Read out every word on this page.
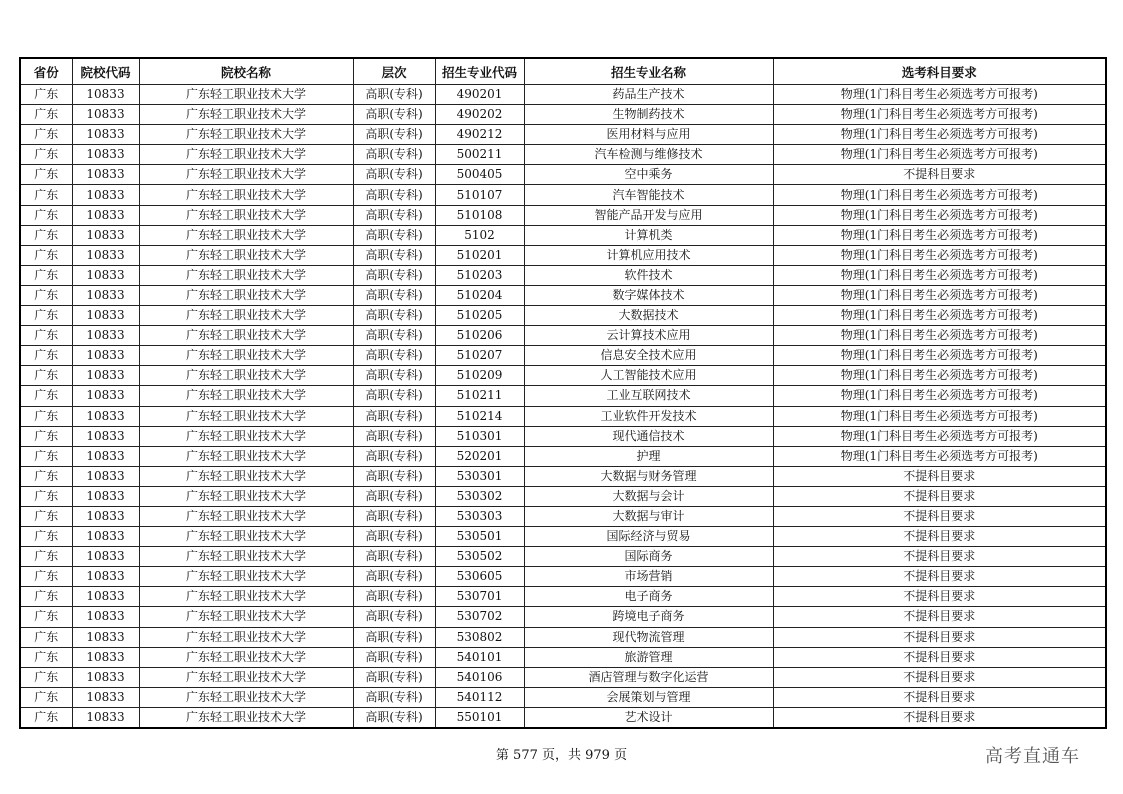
省份	院校代码	院校名称	层次	招生专业代码	招生专业名称	选考科目要求
广东	10833	广东轻工职业技术大学	高职(专科)	490201	药品生产技术	物理(1门科目考生必须选考方可报考)
广东	10833	广东轻工职业技术大学	高职(专科)	490202	生物制药技术	物理(1门科目考生必须选考方可报考)
广东	10833	广东轻工职业技术大学	高职(专科)	490212	医用材料与应用	物理(1门科目考生必须选考方可报考)
广东	10833	广东轻工职业技术大学	高职(专科)	500211	汽车检测与维修技术	物理(1门科目考生必须选考方可报考)
广东	10833	广东轻工职业技术大学	高职(专科)	500405	空中乘务	不提科目要求
广东	10833	广东轻工职业技术大学	高职(专科)	510107	汽车智能技术	物理(1门科目考生必须选考方可报考)
广东	10833	广东轻工职业技术大学	高职(专科)	510108	智能产品开发与应用	物理(1门科目考生必须选考方可报考)
广东	10833	广东轻工职业技术大学	高职(专科)	5102	计算机类	物理(1门科目考生必须选考方可报考)
广东	10833	广东轻工职业技术大学	高职(专科)	510201	计算机应用技术	物理(1门科目考生必须选考方可报考)
广东	10833	广东轻工职业技术大学	高职(专科)	510203	软件技术	物理(1门科目考生必须选考方可报考)
广东	10833	广东轻工职业技术大学	高职(专科)	510204	数字媒体技术	物理(1门科目考生必须选考方可报考)
广东	10833	广东轻工职业技术大学	高职(专科)	510205	大数据技术	物理(1门科目考生必须选考方可报考)
广东	10833	广东轻工职业技术大学	高职(专科)	510206	云计算技术应用	物理(1门科目考生必须选考方可报考)
广东	10833	广东轻工职业技术大学	高职(专科)	510207	信息安全技术应用	物理(1门科目考生必须选考方可报考)
广东	10833	广东轻工职业技术大学	高职(专科)	510209	人工智能技术应用	物理(1门科目考生必须选考方可报考)
广东	10833	广东轻工职业技术大学	高职(专科)	510211	工业互联网技术	物理(1门科目考生必须选考方可报考)
广东	10833	广东轻工职业技术大学	高职(专科)	510214	工业软件开发技术	物理(1门科目考生必须选考方可报考)
广东	10833	广东轻工职业技术大学	高职(专科)	510301	现代通信技术	物理(1门科目考生必须选考方可报考)
广东	10833	广东轻工职业技术大学	高职(专科)	520201	护理	物理(1门科目考生必须选考方可报考)
广东	10833	广东轻工职业技术大学	高职(专科)	530301	大数据与财务管理	不提科目要求
广东	10833	广东轻工职业技术大学	高职(专科)	530302	大数据与会计	不提科目要求
广东	10833	广东轻工职业技术大学	高职(专科)	530303	大数据与审计	不提科目要求
广东	10833	广东轻工职业技术大学	高职(专科)	530501	国际经济与贸易	不提科目要求
广东	10833	广东轻工职业技术大学	高职(专科)	530502	国际商务	不提科目要求
广东	10833	广东轻工职业技术大学	高职(专科)	530605	市场营销	不提科目要求
广东	10833	广东轻工职业技术大学	高职(专科)	530701	电子商务	不提科目要求
广东	10833	广东轻工职业技术大学	高职(专科)	530702	跨境电子商务	不提科目要求
广东	10833	广东轻工职业技术大学	高职(专科)	530802	现代物流管理	不提科目要求
广东	10833	广东轻工职业技术大学	高职(专科)	540101	旅游管理	不提科目要求
广东	10833	广东轻工职业技术大学	高职(专科)	540106	酒店管理与数字化运营	不提科目要求
广东	10833	广东轻工职业技术大学	高职(专科)	540112	会展策划与管理	不提科目要求
广东	10833	广东轻工职业技术大学	高职(专科)	550101	艺术设计	不提科目要求
第 577 页，共 979 页	高考直通车
